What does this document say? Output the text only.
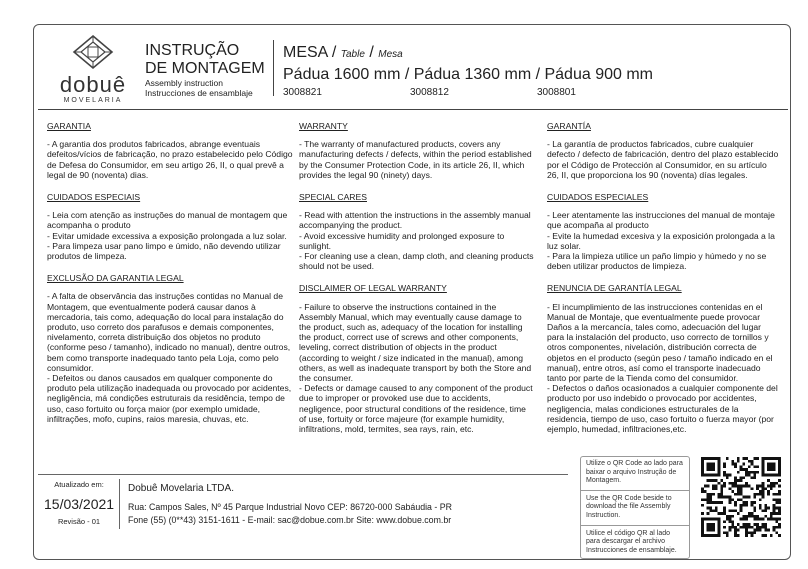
dobuê
MOVELARIA
INSTRUÇÃO
DE MONTAGEM
Assembly instruction
Instrucciones de ensamblaje
MESA / Table / Mesa
Pádua 1600 mm / Pádua 1360 mm / Pádua 900 mm
3008821	3008812	3008801
GARANTIA
- A garantia dos produtos fabricados, abrange eventuais defeitos/vícios de fabricação, no prazo estabelecido pelo Código de Defesa do Consumidor, em seu artigo 26, II, o qual prevê a legal de 90 (noventa) dias.
CUIDADOS ESPECIAIS
- Leia com atenção as instruções do manual de montagem que acompanha o produto
- Evitar umidade excessiva a exposição prolongada a luz solar.
- Para limpeza usar pano limpo e úmido, não devendo utilizar produtos de limpeza.
EXCLUSÃO DA GARANTIA LEGAL
- A falta de observância das instruções contidas no Manual de Montagem, que eventualmente poderá causar danos à mercadoria, tais como, adequação do local para instalação do produto, uso correto dos parafusos e demais componentes, nivelamento, correta distribuição dos objetos no produto (conforme peso / tamanho), indicado no manual), dentre outros, bem como transporte inadequado tanto pela Loja, como pelo consumidor.
- Defeitos ou danos causados em qualquer componente do produto pela utilização inadequada ou provocado por acidentes, negligência, má condições estruturais da residência, tempo de uso, caso fortuito ou força maior (por exemplo umidade, infiltrações, mofo, cupins, raios maresia, chuvas, etc.
WARRANTY
- The warranty of manufactured products, covers any manufacturing defects / defects, within the period established by the Consumer Protection Code, in its article 26, II, which provides the legal 90 (ninety) days.
SPECIAL CARES
- Read with attention the instructions in the assembly manual accompanying the product.
- Avoid excessive humidity and prolonged exposure to sunlight.
- For cleaning use a clean, damp cloth, and cleaning products should not be used.
DISCLAIMER OF LEGAL WARRANTY
- Failure to observe the instructions contained in the Assembly Manual, which may eventually cause damage to the product, such as, adequacy of the location for installing the product, correct use of screws and other components, leveling, correct distribution of objects in the product (according to weight / size indicated in the manual), among others, as well as inadequate transport by both the Store and the consumer.
- Defects or damage caused to any component of the product due to improper or provoked use due to accidents, negligence, poor structural conditions of the residence, time of use, fortuity or force majeure (for example humidity, infiltrations, mold, termites, sea rays, rain, etc.
GARANTÍA
- La garantía de productos fabricados, cubre cualquier defecto / defecto de fabricación, dentro del plazo establecido por el Código de Protección al Consumidor, en su artículo 26, II, que proporciona los 90 (noventa) días legales.
CUIDADOS ESPECIALES
- Leer atentamente las instrucciones del manual de montaje que acompaña al producto
- Evite la humedad excesiva y la exposición prolongada a la luz solar.
- Para la limpieza utilice un paño limpio y húmedo y no se deben utilizar productos de limpieza.
RENUNCIA DE GARANTÍA LEGAL
- El incumplimiento de las instrucciones contenidas en el Manual de Montaje, que eventualmente puede provocar Daños a la mercancía, tales como, adecuación del lugar para la instalación del producto, uso correcto de tornillos y otros componentes, nivelación, distribución correcta de objetos en el producto (según peso / tamaño indicado en el manual), entre otros, así como el transporte inadecuado tanto por parte de la Tienda como del consumidor.
- Defectos o daños ocasionados a cualquier componente del producto por uso indebido o provocado por accidentes, negligencia, malas condiciones estructurales de la residencia, tiempo de uso, caso fortuito o fuerza mayor (por ejemplo, humedad, infiltraciones,etc.
Atualizado em:
15/03/2021
Revisão - 01
Dobuê Movelaria LTDA.
Rua: Campos Sales, Nº 45 Parque Industrial Novo CEP: 86720-000 Sabáudia - PR
Fone (55) (0**43) 3151-1611 - E-mail: sac@dobue.com.br Site: www.dobue.com.br
Utilize o QR Code ao lado para baixar o arquivo Instrução de Montagem.
Use the QR Code beside to download the file Assembly Instruction.
Utilice el código QR al lado para descargar el archivo Instrucciones de ensamblaje.
